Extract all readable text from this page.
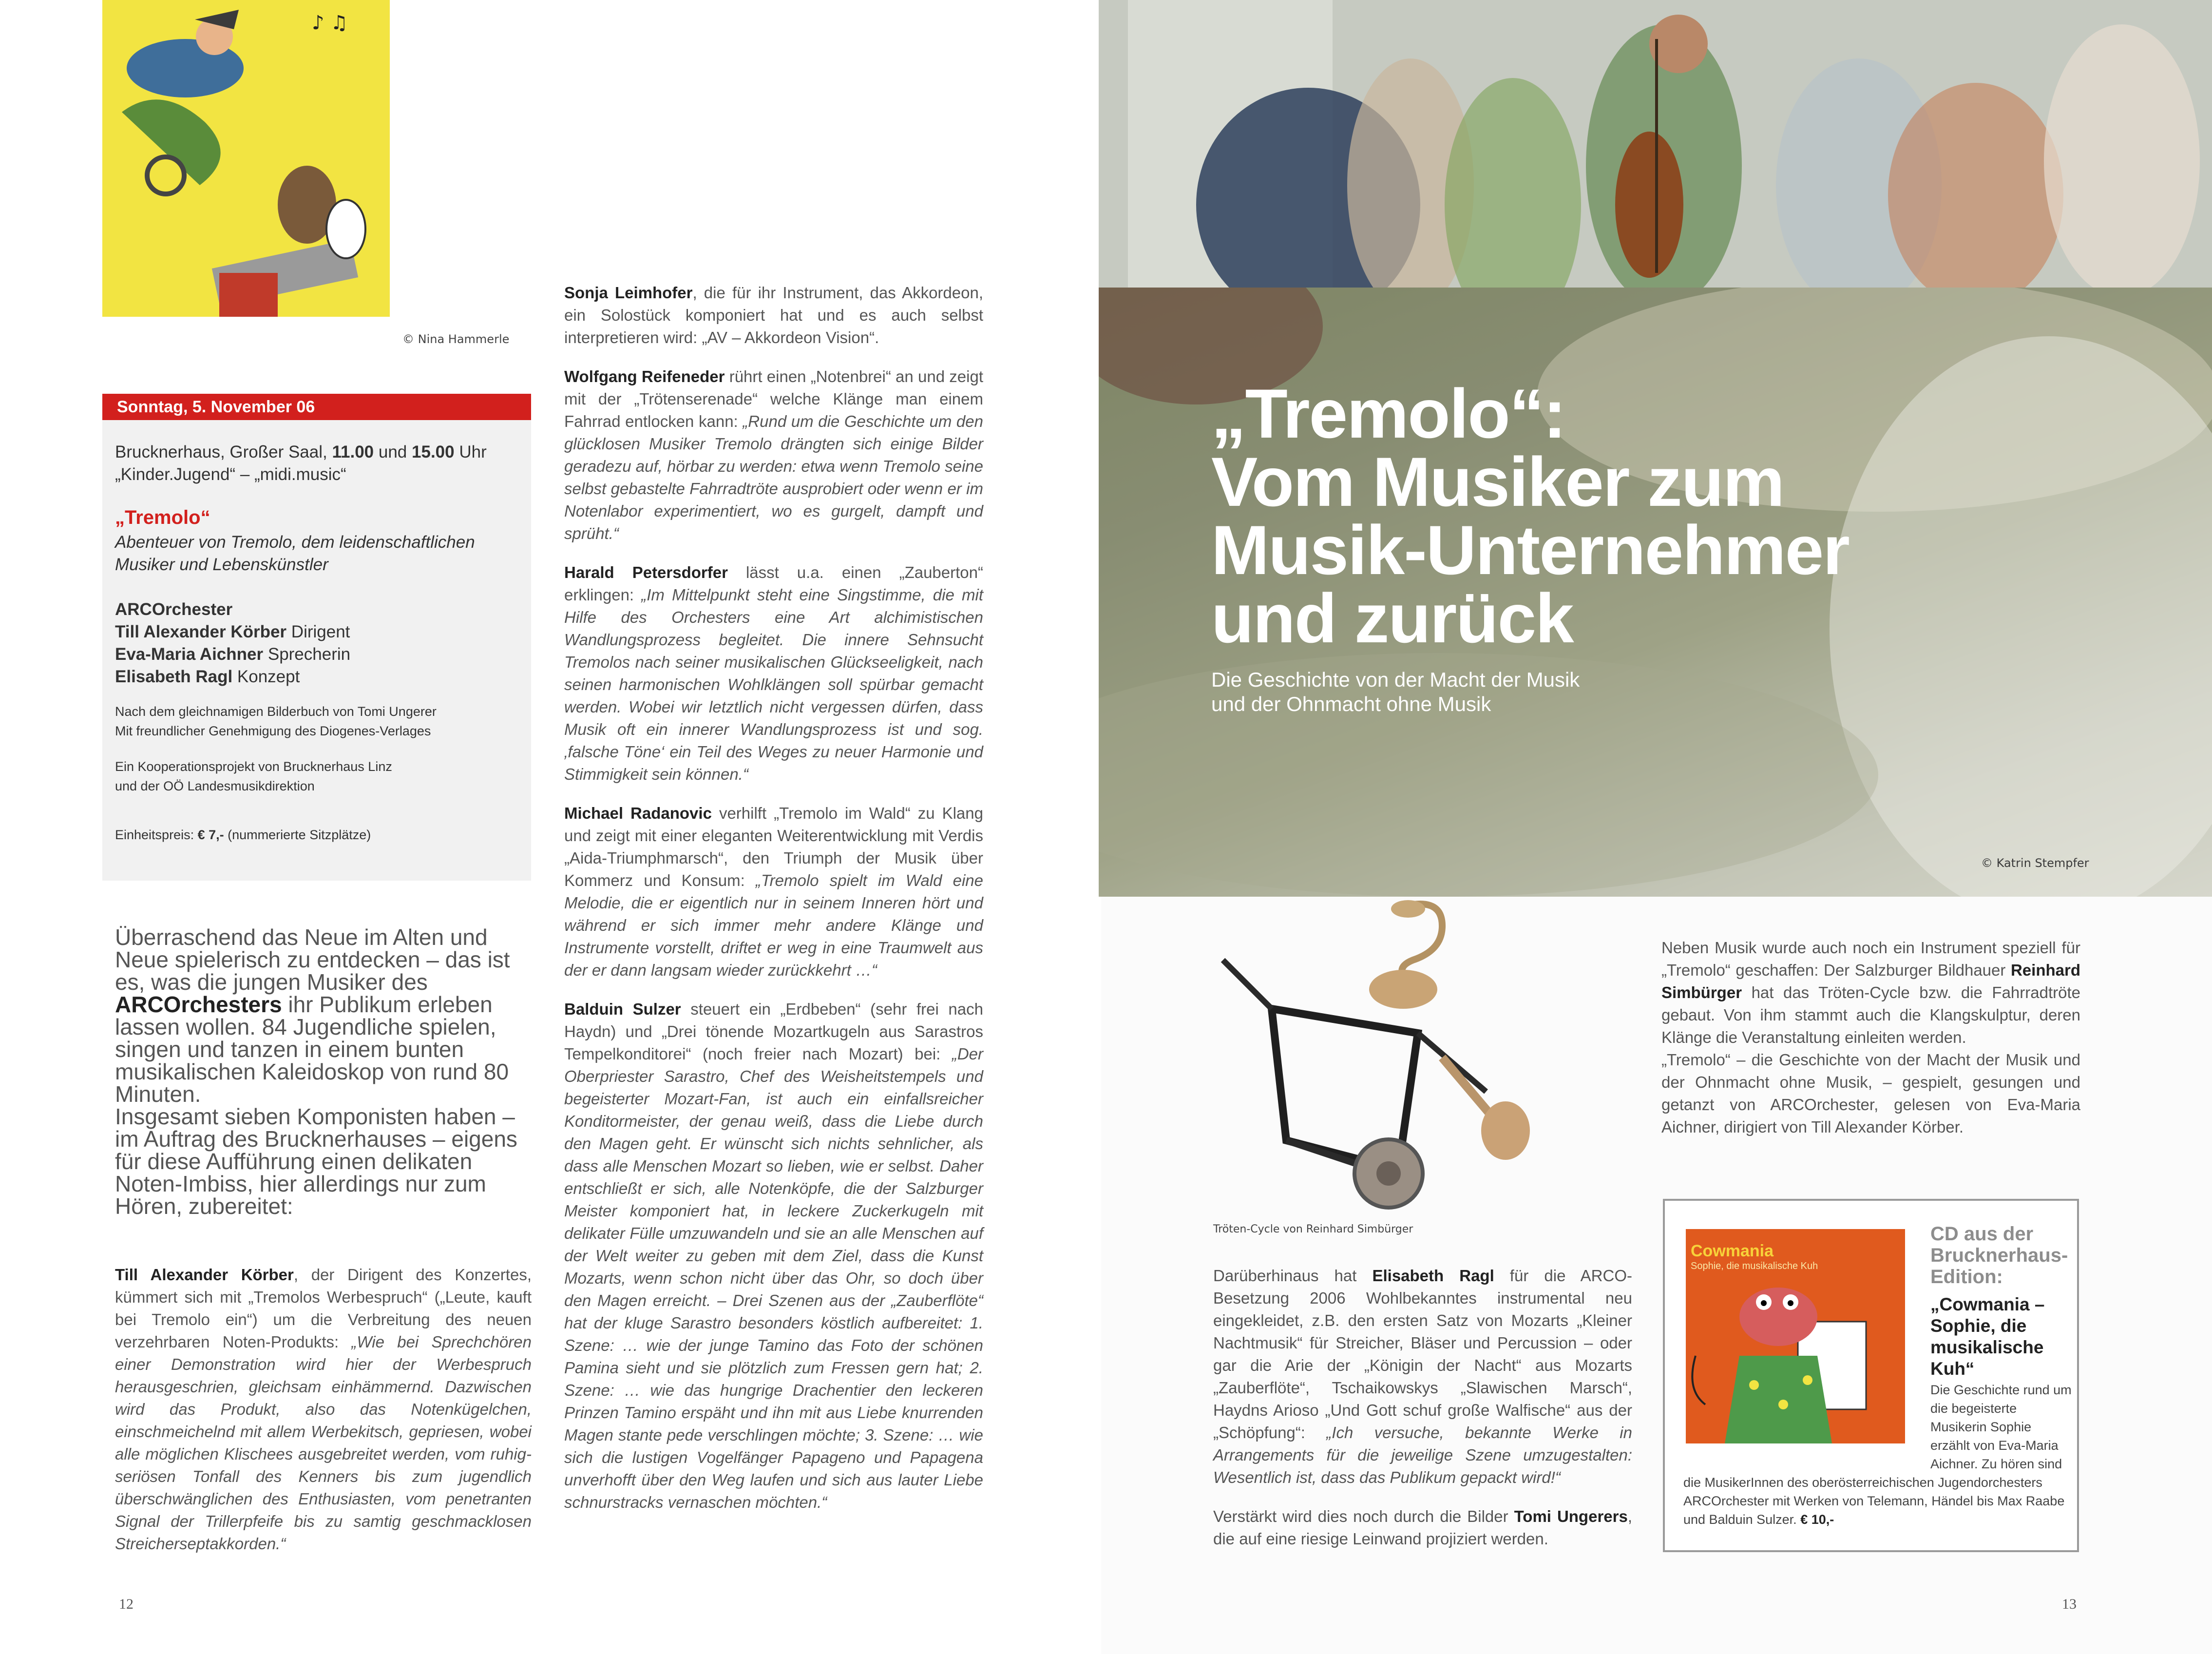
♪ ♫
© Nina Hammerle
Sonntag, 5. November 06
Brucknerhaus, Großer Saal, 11.00 und 15.00 Uhr
„Kinder.Jugend“ – „midi.music“
„Tremolo“
Abenteuer von Tremolo, dem leidenschaftlichen
Musiker und Lebenskünstler
ARCOrchester
Till Alexander Körber Dirigent
Eva-Maria Aichner Sprecherin
Elisabeth Ragl Konzept
Nach dem gleichnamigen Bilderbuch von Tomi Ungerer
Mit freundlicher Genehmigung des Diogenes-Verlages
Ein Kooperationsprojekt von Brucknerhaus Linz
und der OÖ Landesmusikdirektion
Einheitspreis: € 7,- (nummerierte Sitzplätze)
Überraschend das Neue im Alten und Neue spielerisch zu entdecken – das ist es, was die jungen Musiker des ARCOrchesters ihr Publikum erleben lassen wollen. 84 Jugendliche spielen, singen und tanzen in einem bunten musikalischen Kaleidoskop von rund 80 Minuten.
Insgesamt sieben Komponisten haben – im Auftrag des Brucknerhauses – eigens für diese Aufführung einen delikaten Noten-Imbiss, hier allerdings nur zum Hören, zubereitet:
Till Alexander Körber, der Dirigent des Konzertes, kümmert sich mit „Tremolos Werbespruch“ („Leute, kauft bei Tremolo ein“) um die Verbreitung des neuen verzehrbaren Noten-Produkts: „Wie bei Sprechchören einer Demonstration wird hier der Werbespruch herausgeschrien, gleichsam einhämmernd. Dazwischen wird das Produkt, also das Notenkügelchen, einschmeichelnd mit allem Werbekitsch, gepriesen, wobei alle möglichen Klischees ausgebreitet werden, vom ruhig-seriösen Tonfall des Kenners bis zum jugendlich überschwänglichen des Enthusiasten, vom penetranten Signal der Trillerpfeife bis zu samtig geschmacklosen Streicherseptakkorden.“

Sonja Leimhofer, die für ihr Instrument, das Akkordeon, ein Solostück komponiert hat und es auch selbst interpretieren wird: „AV – Akkordeon Vision“.

Wolfgang Reifeneder rührt einen „Notenbrei“ an und zeigt mit der „Trötenserenade“ welche Klänge man einem Fahrrad entlocken kann: „Rund um die Geschichte um den glücklosen Musiker Tremolo drängten sich einige Bilder geradezu auf, hörbar zu werden: etwa wenn Tremolo seine selbst gebastelte Fahrradtröte ausprobiert oder wenn er im Notenlabor experimentiert, wo es gurgelt, dampft und sprüht.“

Harald Petersdorfer lässt u.a. einen „Zauberton“ erklingen: „Im Mittelpunkt steht eine Singstimme, die mit Hilfe des Orchesters eine Art alchimistischen Wandlungsprozess begleitet. Die innere Sehnsucht Tremolos nach seiner musikalischen Glückseeligkeit, nach seinen harmonischen Wohlklängen soll spürbar gemacht werden. Wobei wir letztlich nicht vergessen dürfen, dass Musik oft ein innerer Wandlungsprozess ist und sog. ‚falsche Töne‘ ein Teil des Weges zu neuer Harmonie und Stimmigkeit sein können.“

Michael Radanovic verhilft „Tremolo im Wald“ zu Klang und zeigt mit einer eleganten Weiterentwicklung mit Verdis „Aida-Triumphmarsch“, den Triumph der Musik über Kommerz und Konsum: „Tremolo spielt im Wald eine Melodie, die er eigentlich nur in seinem Inneren hört und während er sich immer mehr andere Klänge und Instrumente vorstellt, driftet er weg in eine Traumwelt aus der er dann langsam wieder zurückkehrt …“

Balduin Sulzer steuert ein „Erdbeben“ (sehr frei nach Haydn) und „Drei tönende Mozartkugeln aus Sarastros Tempelkonditorei“ (noch freier nach Mozart) bei: „Der Oberpriester Sarastro, Chef des Weisheitstempels und begeisterter Mozart-Fan, ist auch ein einfallsreicher Konditormeister, der genau weiß, dass die Liebe durch den Magen geht. Er wünscht sich nichts sehnlicher, als dass alle Menschen Mozart so lieben, wie er selbst. Daher entschließt er sich, alle Notenköpfe, die der Salzburger Meister komponiert hat, in leckere Zuckerkugeln mit delikater Fülle umzuwandeln und sie an alle Menschen auf der Welt weiter zu geben mit dem Ziel, dass die Kunst Mozarts, wenn schon nicht über das Ohr, so doch über den Magen erreicht. – Drei Szenen aus der „Zauberflöte“ hat der kluge Sarastro besonders köstlich aufbereitet: 1. Szene: … wie der junge Tamino das Foto der schönen Pamina sieht und sie plötzlich zum Fressen gern hat; 2. Szene: … wie das hungrige Drachentier den leckeren Prinzen Tamino erspäht und ihn mit aus Liebe knurrenden Magen stante pede verschlingen möchte; 3. Szene: … wie sich die lustigen Vogelfänger Papageno und Papagena unverhofft über den Weg laufen und sich aus lauter Liebe schnurstracks vernaschen möchten.“

12
„Tremolo“:
Vom Musiker zum
Musik-Unternehmer
und zurück
Die Geschichte von der Macht der Musik
und der Ohnmacht ohne Musik
© Katrin Stempfer
Tröten-Cycle von Reinhard Simbürger

Darüberhinaus hat Elisabeth Ragl für die ARCO-Besetzung 2006 Wohlbekanntes instrumental neu eingekleidet, z.B. den ersten Satz von Mozarts „Kleiner Nachtmusik“ für Streicher, Bläser und Percussion – oder gar die Arie der „Königin der Nacht“ aus Mozarts „Zauberflöte“, Tschaikowskys „Slawischen Marsch“, Haydns Arioso „Und Gott schuf große Walfische“ aus der „Schöpfung“: „Ich versuche, bekannte Werke in Arrangements für die jeweilige Szene umzugestalten: Wesentlich ist, dass das Publikum gepackt wird!“

Verstärkt wird dies noch durch die Bilder Tomi Ungerers, die auf eine riesige Leinwand projiziert werden.

Neben Musik wurde auch noch ein Instrument speziell für „Tremolo“ geschaffen: Der Salzburger Bildhauer Reinhard Simbürger hat das Tröten-Cycle bzw. die Fahrradtröte gebaut. Von ihm stammt auch die Klangskulptur, deren Klänge die Veranstaltung einleiten werden.
„Tremolo“ – die Geschichte von der Macht der Musik und der Ohnmacht ohne Musik, – gespielt, gesungen und getanzt von ARCOrchester, gelesen von Eva-Maria Aichner, dirigiert von Till Alexander Körber.
Cowmania
Sophie, die musikalische Kuh
CD aus der
Brucknerhaus-
Edition:
„Cowmania –
Sophie, die
musikalische
Kuh“
Die Geschichte rund um die begeisterte Musikerin Sophie erzählt von Eva-Maria Aichner. Zu hören sind
die MusikerInnen des oberösterreichischen Jugendorchesters ARCOrchester mit Werken von Telemann, Händel bis Max Raabe und Balduin Sulzer. € 10,-
13
